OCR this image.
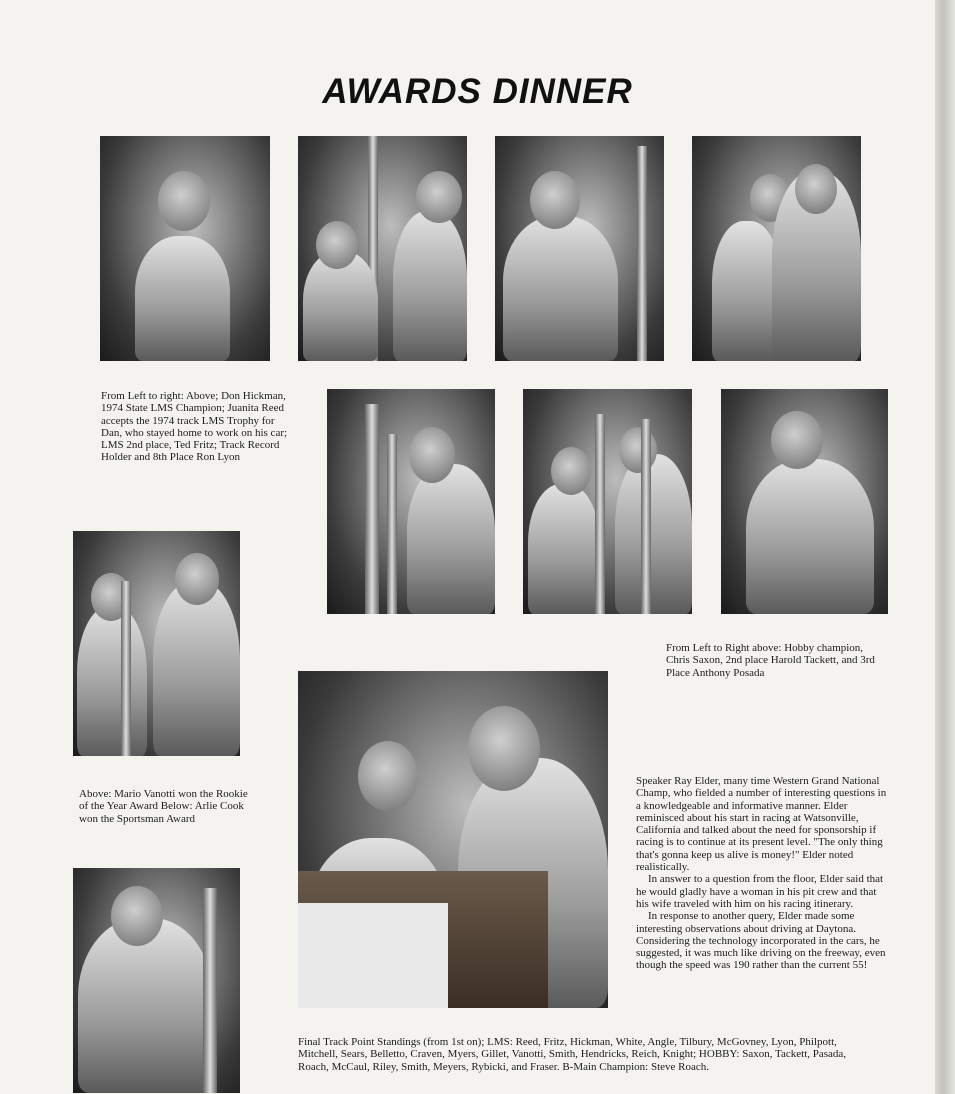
AWARDS DINNER
From Left to right: Above; Don Hickman, 1974 State LMS Champion; Juanita Reed accepts the 1974 track LMS Trophy for Dan, who stayed home to work on his car; LMS 2nd place, Ted Fritz; Track Record Holder and 8th Place Ron Lyon
From Left to Right above: Hobby champion, Chris Saxon, 2nd place Harold Tackett, and 3rd Place Anthony Posada
Above: Mario Vanotti won the Rookie of the Year Award Below: Arlie Cook won the Sportsman Award

Speaker Ray Elder, many time Western Grand National Champ, who fielded a number of interesting questions in a knowledgeable and informative manner. Elder reminisced about his start in racing at Watsonville, California and talked about the need for sponsorship if racing is to continue at its present level. "The only thing that's gonna keep us alive is money!" Elder noted realistically.

In answer to a question from the floor, Elder said that he would gladly have a woman in his pit crew and that his wife traveled with him on his racing itinerary.

In response to another query, Elder made some interesting observations about driving at Daytona. Considering the technology incorporated in the cars, he suggested, it was much like driving on the freeway, even though the speed was 190 rather than the current 55!

Final Track Point Standings (from 1st on); LMS: Reed, Fritz, Hickman, White, Angle, Tilbury, McGovney, Lyon, Philpott, Mitchell, Sears, Belletto, Craven, Myers, Gillet, Vanotti, Smith, Hendricks, Reich, Knight; HOBBY: Saxon, Tackett, Pasada, Roach, McCaul, Riley, Smith, Meyers, Rybicki, and Fraser. B-Main Champion: Steve Roach.
